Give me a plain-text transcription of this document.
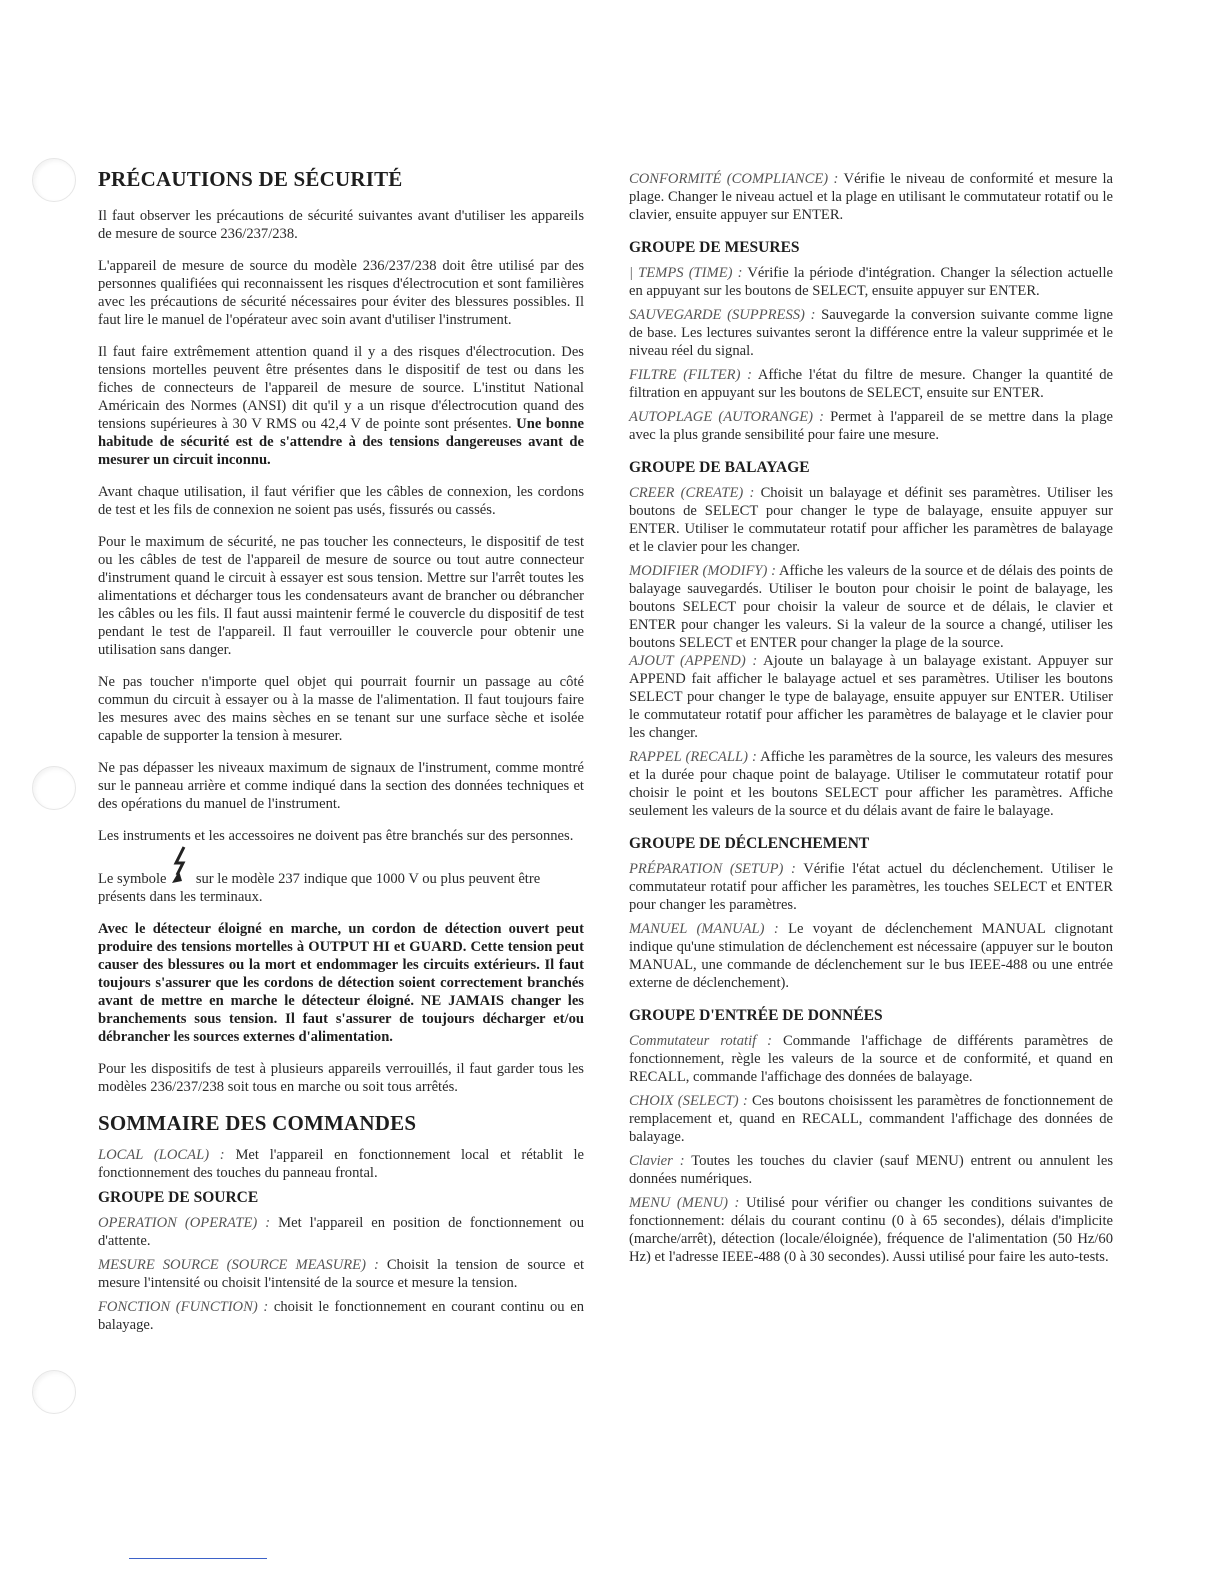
PRÉCAUTIONS DE SÉCURITÉ

Il faut observer les précautions de sécurité suivantes avant d'utiliser les appareils de mesure de source 236/237/238.

L'appareil de mesure de source du modèle 236/237/238 doit être utilisé par des personnes qualifiées qui reconnaissent les risques d'électrocution et sont familières avec les précautions de sécurité nécessaires pour éviter des blessures possibles. Il faut lire le manuel de l'opérateur avec soin avant d'utiliser l'instrument.

Il faut faire extrêmement attention quand il y a des risques d'électrocution. Des tensions mortelles peuvent être présentes dans le dispositif de test ou dans les fiches de connecteurs de l'appareil de mesure de source. L'institut National Américain des Normes (ANSI) dit qu'il y a un risque d'électrocution quand des tensions supérieures à 30 V RMS ou 42,4 V de pointe sont présentes. Une bonne habitude de sécurité est de s'attendre à des tensions dangereuses avant de mesurer un circuit inconnu.

Avant chaque utilisation, il faut vérifier que les câbles de connexion, les cordons de test et les fils de connexion ne soient pas usés, fissurés ou cassés.

Pour le maximum de sécurité, ne pas toucher les connecteurs, le dispositif de test ou les câbles de test de l'appareil de mesure de source ou tout autre connecteur d'instrument quand le circuit à essayer est sous tension. Mettre sur l'arrêt toutes les alimentations et décharger tous les condensateurs avant de brancher ou débrancher les câbles ou les fils. Il faut aussi maintenir fermé le couvercle du dispositif de test pendant le test de l'appareil. Il faut verrouiller le couvercle pour obtenir une utilisation sans danger.

Ne pas toucher n'importe quel objet qui pourrait fournir un passage au côté commun du circuit à essayer ou à la masse de l'alimentation. Il faut toujours faire les mesures avec des mains sèches en se tenant sur une surface sèche et isolée capable de supporter la tension à mesurer.

Ne pas dépasser les niveaux maximum de signaux de l'instrument, comme montré sur le panneau arrière et comme indiqué dans la section des données techniques et des opérations du manuel de l'instrument.

Les instruments et les accessoires ne doivent pas être branchés sur des personnes.

Le symbole sur le modèle 237 indique que 1000 V ou plus peuvent être présents dans les terminaux.

Avec le détecteur éloigné en marche, un cordon de détection ouvert peut produire des tensions mortelles à OUTPUT HI et GUARD. Cette tension peut causer des blessures ou la mort et endommager les circuits extérieurs. Il faut toujours s'assurer que les cordons de détection soient correctement branchés avant de mettre en marche le détecteur éloigné. NE JAMAIS changer les branchements sous tension. Il faut s'assurer de toujours décharger et/ou débrancher les sources externes d'alimentation.

Pour les dispositifs de test à plusieurs appareils verrouillés, il faut garder tous les modèles 236/237/238 soit tous en marche ou soit tous arrêtés.

SOMMAIRE DES COMMANDES
LOCAL (LOCAL) : Met l'appareil en fonctionnement local et rétablit le fonctionnement des touches du panneau frontal.
GROUPE DE SOURCE
OPERATION (OPERATE) : Met l'appareil en position de fonctionnement ou d'attente.
MESURE SOURCE (SOURCE MEASURE) : Choisit la tension de source et mesure l'intensité ou choisit l'intensité de la source et mesure la tension.
FONCTION (FUNCTION) : choisit le fonctionnement en courant continu ou en balayage.
CONFORMITÉ (COMPLIANCE) : Vérifie le niveau de conformité et mesure la plage. Changer le niveau actuel et la plage en utilisant le commutateur rotatif ou le clavier, ensuite appuyer sur ENTER.
GROUPE DE MESURES
| TEMPS (TIME) : Vérifie la période d'intégration. Changer la sélection actuelle en appuyant sur les boutons de SELECT, ensuite appuyer sur ENTER.
SAUVEGARDE (SUPPRESS) : Sauvegarde la conversion suivante comme ligne de base. Les lectures suivantes seront la différence entre la valeur supprimée et le niveau réel du signal.
FILTRE (FILTER) : Affiche l'état du filtre de mesure. Changer la quantité de filtration en appuyant sur les boutons de SELECT, ensuite sur ENTER.
AUTOPLAGE (AUTORANGE) : Permet à l'appareil de se mettre dans la plage avec la plus grande sensibilité pour faire une mesure.
GROUPE DE BALAYAGE
CREER (CREATE) : Choisit un balayage et définit ses paramètres. Utiliser les boutons de SELECT pour changer le type de balayage, ensuite appuyer sur ENTER. Utiliser le commutateur rotatif pour afficher les paramètres de balayage et le clavier pour les changer.
MODIFIER (MODIFY) : Affiche les valeurs de la source et de délais des points de balayage sauvegardés. Utiliser le bouton pour choisir le point de balayage, les boutons SELECT pour choisir la valeur de source et de délais, le clavier et ENTER pour changer les valeurs. Si la valeur de la source a changé, utiliser les boutons SELECT et ENTER pour changer la plage de la source.
AJOUT (APPEND) : Ajoute un balayage à un balayage existant. Appuyer sur APPEND fait afficher le balayage actuel et ses paramètres. Utiliser les boutons SELECT pour changer le type de balayage, ensuite appuyer sur ENTER. Utiliser le commutateur rotatif pour afficher les paramètres de balayage et le clavier pour les changer.
RAPPEL (RECALL) : Affiche les paramètres de la source, les valeurs des mesures et la durée pour chaque point de balayage. Utiliser le commutateur rotatif pour choisir le point et les boutons SELECT pour afficher les paramètres. Affiche seulement les valeurs de la source et du délais avant de faire le balayage.
GROUPE DE DÉCLENCHEMENT
PRÉPARATION (SETUP) : Vérifie l'état actuel du déclenchement. Utiliser le commutateur rotatif pour afficher les paramètres, les touches SELECT et ENTER pour changer les paramètres.
MANUEL (MANUAL) : Le voyant de déclenchement MANUAL clignotant indique qu'une stimulation de déclenchement est nécessaire (appuyer sur le bouton MANUAL, une commande de déclenchement sur le bus IEEE-488 ou une entrée externe de déclenchement).
GROUPE D'ENTRÉE DE DONNÉES
Commutateur rotatif : Commande l'affichage de différents paramètres de fonctionnement, règle les valeurs de la source et de conformité, et quand en RECALL, commande l'affichage des données de balayage.
CHOIX (SELECT) : Ces boutons choisissent les paramètres de fonctionnement de remplacement et, quand en RECALL, commandent l'affichage des données de balayage.
Clavier : Toutes les touches du clavier (sauf MENU) entrent ou annulent les données numériques.
MENU (MENU) : Utilisé pour vérifier ou changer les conditions suivantes de fonctionnement: délais du courant continu (0 à 65 secondes), délais d'implicite (marche/arrêt), détection (locale/éloignée), fréquence de l'alimentation (50 Hz/60 Hz) et l'adresse IEEE-488 (0 à 30 secondes). Aussi utilisé pour faire les auto-tests.
